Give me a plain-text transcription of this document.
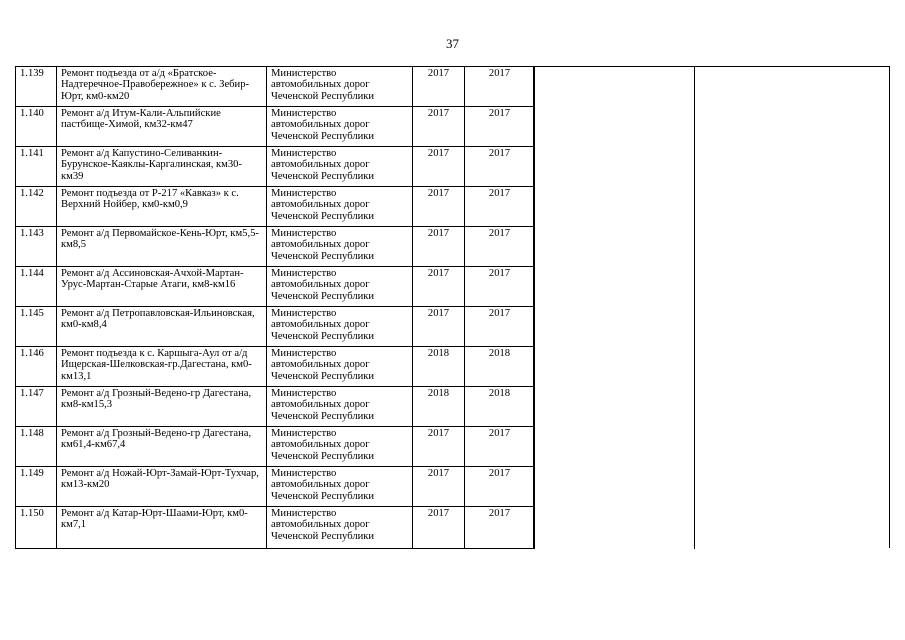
37
1.139	Ремонт подъезда от а/д «Братское-Надтеречное-Правобережное» к с. Зебир-Юрт, км0-км20	Министерство автомобильных дорог Чеченской Республики	2017	2017
1.140	Ремонт а/д Итум-Кали-Альпийские пастбище-Химой, км32-км47	Министерство автомобильных дорог Чеченской Республики	2017	2017
1.141	Ремонт а/д Капустино-Селиванкин-Бурунское-Каяклы-Каргалинская, км30-км39	Министерство автомобильных дорог Чеченской Республики	2017	2017
1.142	Ремонт подъезда от Р-217 «Кавказ» к с. Верхний Нойбер, км0-км0,9	Министерство автомобильных дорог Чеченской Республики	2017	2017
1.143	Ремонт а/д Первомайское-Кень-Юрт, км5,5-км8,5	Министерство автомобильных дорог Чеченской Республики	2017	2017
1.144	Ремонт а/д Ассиновская-Ачхой-Мартан-Урус-Мартан-Старые Атаги, км8-км16	Министерство автомобильных дорог Чеченской Республики	2017	2017
1.145	Ремонт а/д Петропавловская-Ильиновская, км0-км8,4	Министерство автомобильных дорог Чеченской Республики	2017	2017
1.146	Ремонт подъезда к с. Каршыга-Аул от а/д Ищерская-Шелковская-гр.Дагестана, км0-км13,1	Министерство автомобильных дорог Чеченской Республики	2018	2018
1.147	Ремонт а/д Грозный-Ведено-гр Дагестана, км8-км15,3	Министерство автомобильных дорог Чеченской Республики	2018	2018
1.148	Ремонт а/д Грозный-Ведено-гр Дагестана, км61,4-км67,4	Министерство автомобильных дорог Чеченской Республики	2017	2017
1.149	Ремонт а/д Ножай-Юрт-Замай-Юрт-Тухчар, км13-км20	Министерство автомобильных дорог Чеченской Республики	2017	2017
1.150	Ремонт а/д Катар-Юрт-Шаами-Юрт, км0-км7,1	Министерство автомобильных дорог Чеченской Республики	2017	2017
